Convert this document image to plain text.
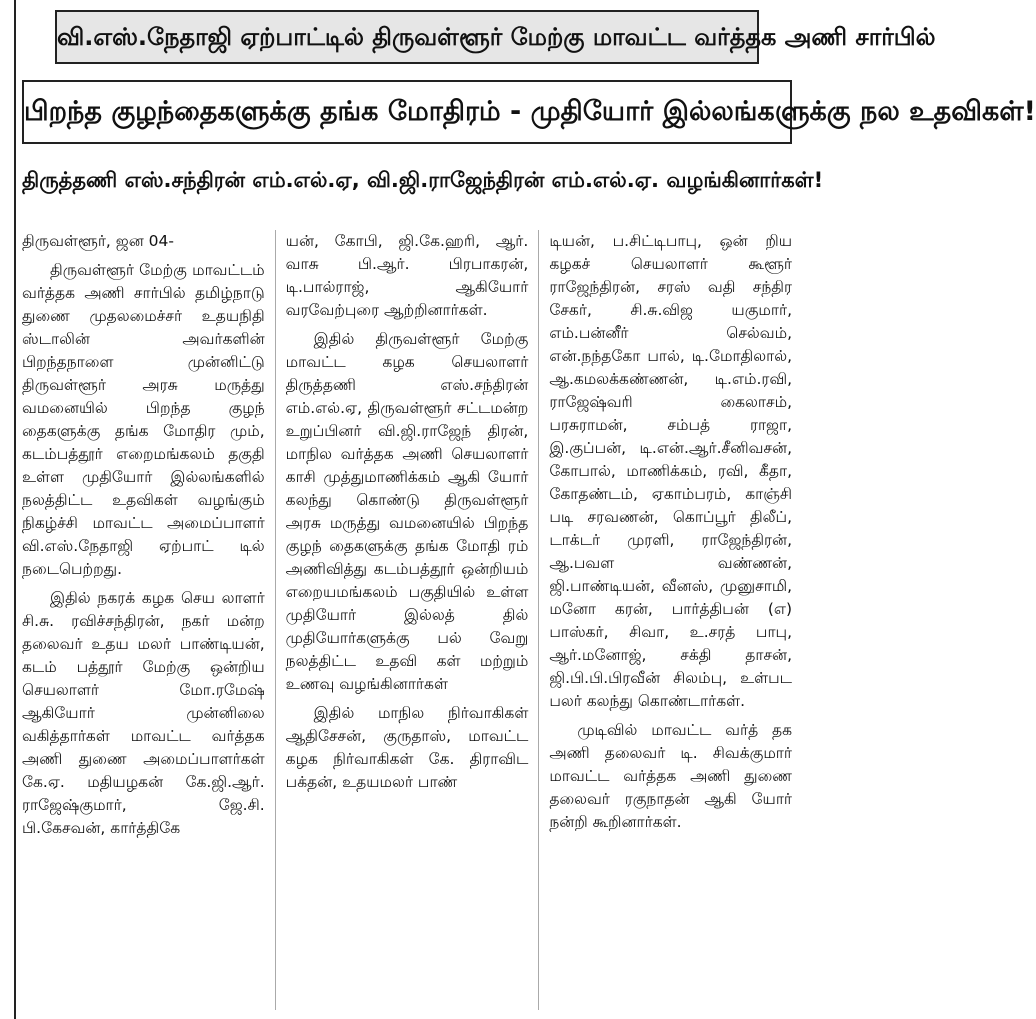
வி.எஸ்.நேதாஜி ஏற்பாட்டில் திருவள்ளூர் மேற்கு மாவட்ட வர்த்தக அணி சார்பில்
பிறந்த குழந்தைகளுக்கு தங்க மோதிரம் - முதியோர் இல்லங்களுக்கு நல உதவிகள்!
திருத்தணி எஸ்.சந்திரன் எம்.எல்.ஏ, வி.ஜி.ராஜேந்திரன் எம்.எல்.ஏ. வழங்கினார்கள்!

திருவள்ளூர், ஜன 04-

திருவள்ளூர் மேற்கு மாவட்டம் வர்த்தக அணி சார்பில் தமிழ்நாடு துணை முதலமைச்சர் உதயநிதி ஸ்டாலின் அவர்களின் பிறந்தநாளை முன்னிட்டு திருவள்ளூர் அரசு மருத்து வமனையில் பிறந்த குழந் தைகளுக்கு தங்க மோதிர மும், கடம்பத்தூர் எறைமங்கலம் தகுதி உள்ள முதியோர் இல்லங்களில் நலத்திட்ட உதவிகள் வழங்கும் நிகழ்ச்சி மாவட்ட அமைப்பாளர் வி.எஸ்.நேதாஜி ஏற்பாட் டில் நடைபெற்றது.

இதில் நகரக் கழக செய லாளர் சி.சு. ரவிச்சந்திரன், நகர் மன்ற தலைவர் உதய மலர் பாண்டியன், கடம் பத்தூர் மேற்கு ஒன்றிய செயலாளர் மோ.ரமேஷ் ஆகியோர் முன்னிலை வகித்தார்கள் மாவட்ட வர்த்தக அணி துணை அமைப்பாளர்கள் கே.ஏ. மதியழகன் கே.ஜி.ஆர். ராஜேஷ்குமார், ஜே.சி. பி.கேசவன், கார்த்திகே

யன், கோபி, ஜி.கே.ஹரி, ஆர். வாசு பி.ஆர். பிரபாகரன், டி.பால்ராஜ், ஆகியோர் வரவேற்புரை ஆற்றினார்கள்.

இதில் திருவள்ளூர் மேற்கு மாவட்ட கழக செயலாளர் திருத்தணி எஸ்.சந்திரன் எம்.எல்.ஏ, திருவள்ளூர் சட்டமன்ற உறுப்பினர் வி.ஜி.ராஜேந் திரன், மாநில வர்த்தக அணி செயலாளர் காசி முத்துமாணிக்கம் ஆகி யோர் கலந்து கொண்டு திருவள்ளூர் அரசு மருத்து வமனையில் பிறந்த குழந் தைகளுக்கு தங்க மோதி ரம் அணிவித்து கடம்பத்தூர் ஒன்றியம் எறையமங்கலம் பகுதியில் உள்ள முதியோர் இல்லத் தில் முதியோர்களுக்கு பல் வேறு நலத்திட்ட உதவி கள் மற்றும் உணவு வழங்கினார்கள்

இதில் மாநில நிர்வாகிகள் ஆதிசேசன், குருதாஸ், மாவட்ட கழக நிர்வாகிகள் கே. திராவிட பக்தன், உதயமலர் பாண்

டியன், ப.சிட்டிபாபு, ஒன் றிய கழகச் செயலாளர் கூளூர் ராஜேந்திரன், சரஸ் வதி சந்திர சேகர், சி.சு.விஜ யகுமார், எம்.பன்னீர் செல்வம், என்.நந்தகோ பால், டி.மோதிலால், ஆ.கமலக்கண்ணன், டி.எம்.ரவி, ராஜேஷ்வரி கைலாசம், பரசுராமன், சம்பத் ராஜா, இ.குப்பன், டி.என்.ஆர்.சீனிவசன், கோபால், மாணிக்கம், ரவி, கீதா, கோதண்டம், ஏகாம்பரம், காஞ்சி படி சரவணன், கொப்பூர் திலீப், டாக்டர் முரளி, ராஜேந்திரன், ஆ.பவள வண்ணன், ஜி.பாண்டியன், வீனஸ், முனுசாமி, மனோ கரன், பார்த்திபன் (எ) பாஸ்கர், சிவா, உ.சரத் பாபு, ஆர்.மனோஜ், சக்தி தாசன், ஜி.பி.பி.பிரவீன் சிலம்பு, உள்பட பலர் கலந்து கொண்டார்கள்.

முடிவில் மாவட்ட வர்த் தக அணி தலைவர் டி. சிவக்குமார் மாவட்ட வர்த்தக அணி துணை தலைவர் ரகுநாதன் ஆகி யோர் நன்றி கூறினார்கள்.
